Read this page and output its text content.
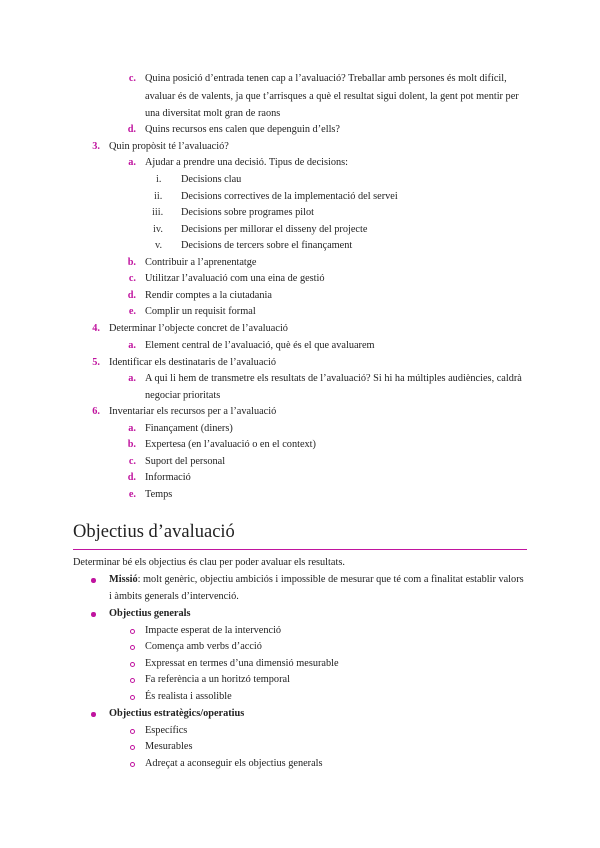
c. Quina posició d’entrada tenen cap a l’avaluació? Treballar amb persones és molt difícil,
avaluar és de valents, ja que t’arrisques a què el resultat sigui dolent, la gent pot mentir per
una diversitat molt gran de raons
d. Quins recursos ens calen que depenguin d’ells?
3. Quin propòsit té l’avaluació?
a. Ajudar a prendre una decisió. Tipus de decisions:
i. Decisions clau
ii. Decisions correctives de la implementació del servei
iii. Decisions sobre programes pilot
iv. Decisions per millorar el disseny del projecte
v. Decisions de tercers sobre el finançament
b. Contribuir a l’aprenentatge
c. Utilitzar l’avaluació com una eina de gestió
d. Rendir comptes a la ciutadania
e. Complir un requisit formal
4. Determinar l’objecte concret de l’avaluació
a. Element central de l’avaluació, què és el que avaluarem
5. Identificar els destinataris de l’avaluació
a. A qui li hem de transmetre els resultats de l’avaluació? Si hi ha múltiples audiències, caldrà
negociar prioritats
6. Inventariar els recursos per a l’avaluació
a. Finançament (diners)
b. Expertesa (en l’avaluació o en el context)
c. Suport del personal
d. Informació
e. Temps
Objectius d’avaluació
Determinar bé els objectius és clau per poder avaluar els resultats.
Missió: molt genèric, objectiu ambiciós i impossible de mesurar que té com a finalitat establir valors
i àmbits generals d’intervenció.
Objectius generals
Impacte esperat de la intervenció
Comença amb verbs d’acció
Expressat en termes d’una dimensió mesurable
Fa referència a un horitzó temporal
És realista i assolible
Objectius estratègics/operatius
Específics
Mesurables
Adreçat a aconseguir els objectius generals
